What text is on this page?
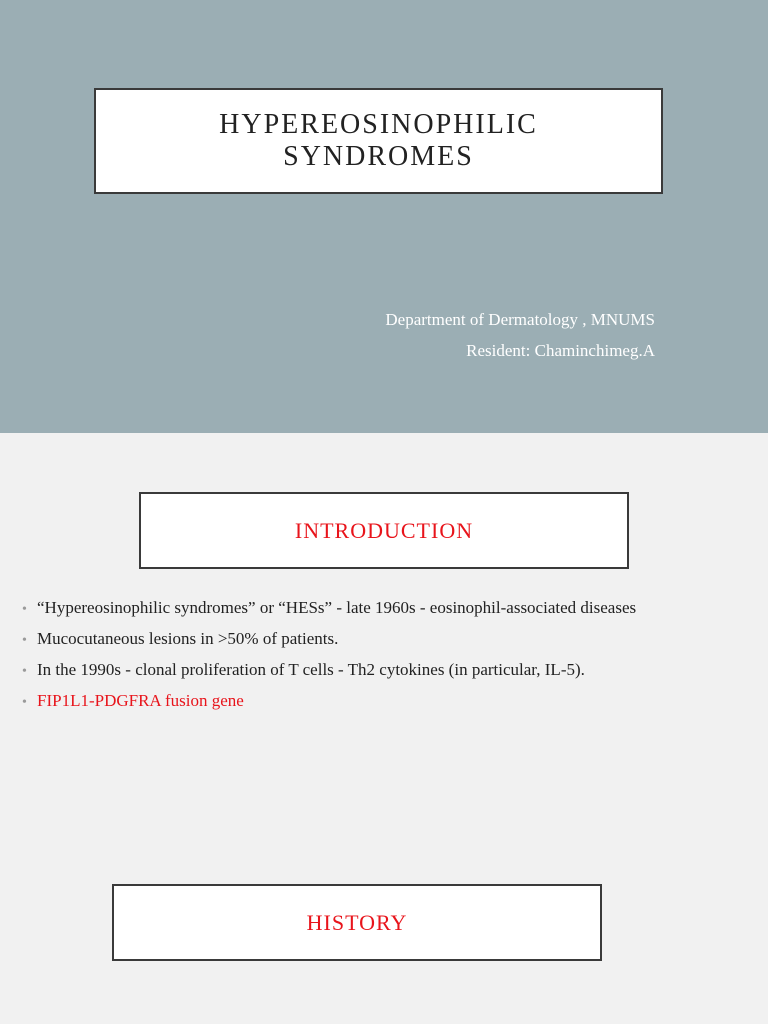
HYPEREOSINOPHILIC
SYNDROMES
Department of Dermatology , MNUMS
Resident: Chaminchimeg.A
INTRODUCTION
• “Hypereosinophilic syndromes” or “HESs” - late 1960s - eosinophil-associated diseases
• Mucocutaneous lesions in >50% of patients.
• In the 1990s - clonal proliferation of T cells - Th2 cytokines (in particular, IL-5).
• FIP1L1-PDGFRA fusion gene
HISTORY
